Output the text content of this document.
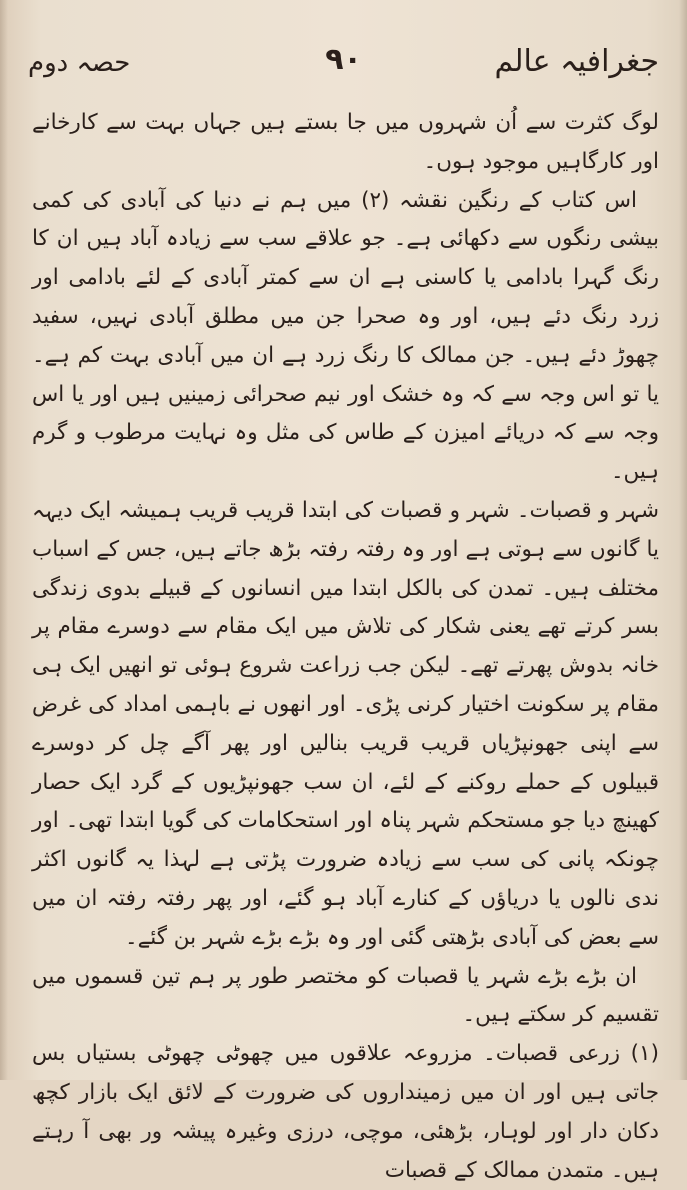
جغرافیہ عالم
۹۰
حصہ دوم

لوگ کثرت سے اُن شہروں میں جا بستے ہیں جہاں بہت سے کارخانے اور کارگاہیں موجود ہوں۔

اس کتاب کے رنگین نقشہ (۲) میں ہم نے دنیا کی آبادی کی کمی بیشی رنگوں سے دکھائی ہے۔ جو علاقے سب سے زیادہ آباد ہیں ان کا رنگ گہرا بادامی یا کاسنی ہے ان سے کمتر آبادی کے لئے بادامی اور زرد رنگ دئے ہیں، اور وہ صحرا جن میں مطلق آبادی نہیں، سفید چھوڑ دئے ہیں۔ جن ممالک کا رنگ زرد ہے ان میں آبادی بہت کم ہے۔ یا تو اس وجہ سے کہ وہ خشک اور نیم صحرائی زمینیں ہیں اور یا اس وجہ سے کہ دریائے امیزن کے طاس کی مثل وہ نہایت مرطوب و گرم ہیں۔

شہر و قصبات۔ شہر و قصبات کی ابتدا قریب قریب ہمیشہ ایک دیہہ یا گانوں سے ہوتی ہے اور وہ رفتہ رفتہ بڑھ جاتے ہیں، جس کے اسباب مختلف ہیں۔ تمدن کی بالکل ابتدا میں انسانوں کے قبیلے بدوی زندگی بسر کرتے تھے یعنی شکار کی تلاش میں ایک مقام سے دوسرے مقام پر خانہ بدوش پھرتے تھے۔ لیکن جب زراعت شروع ہوئی تو انھیں ایک ہی مقام پر سکونت اختیار کرنی پڑی۔ اور انھوں نے باہمی امداد کی غرض سے اپنی جھونپڑیاں قریب قریب بنالیں اور پھر آگے چل کر دوسرے قبیلوں کے حملے روکنے کے لئے، ان سب جھونپڑیوں کے گرد ایک حصار کھینچ دیا جو مستحکم شہر پناہ اور استحکامات کی گویا ابتدا تھی۔ اور چونکہ پانی کی سب سے زیادہ ضرورت پڑتی ہے لہذا یہ گانوں اکثر ندی نالوں یا دریاؤں کے کنارے آباد ہو گئے، اور پھر رفتہ رفتہ ان میں سے بعض کی آبادی بڑھتی گئی اور وہ بڑے بڑے شہر بن گئے۔

ان بڑے بڑے شہر یا قصبات کو مختصر طور پر ہم تین قسموں میں تقسیم کر سکتے ہیں۔

(۱) زرعی قصبات۔ مزروعہ علاقوں میں چھوٹی چھوٹی بستیاں بس جاتی ہیں اور ان میں زمینداروں کی ضرورت کے لائق ایک بازار کچھ دکان دار اور لوہار، بڑھئی، موچی، درزی وغیرہ پیشہ ور بھی آ رہتے ہیں۔ متمدن ممالک کے قصبات
